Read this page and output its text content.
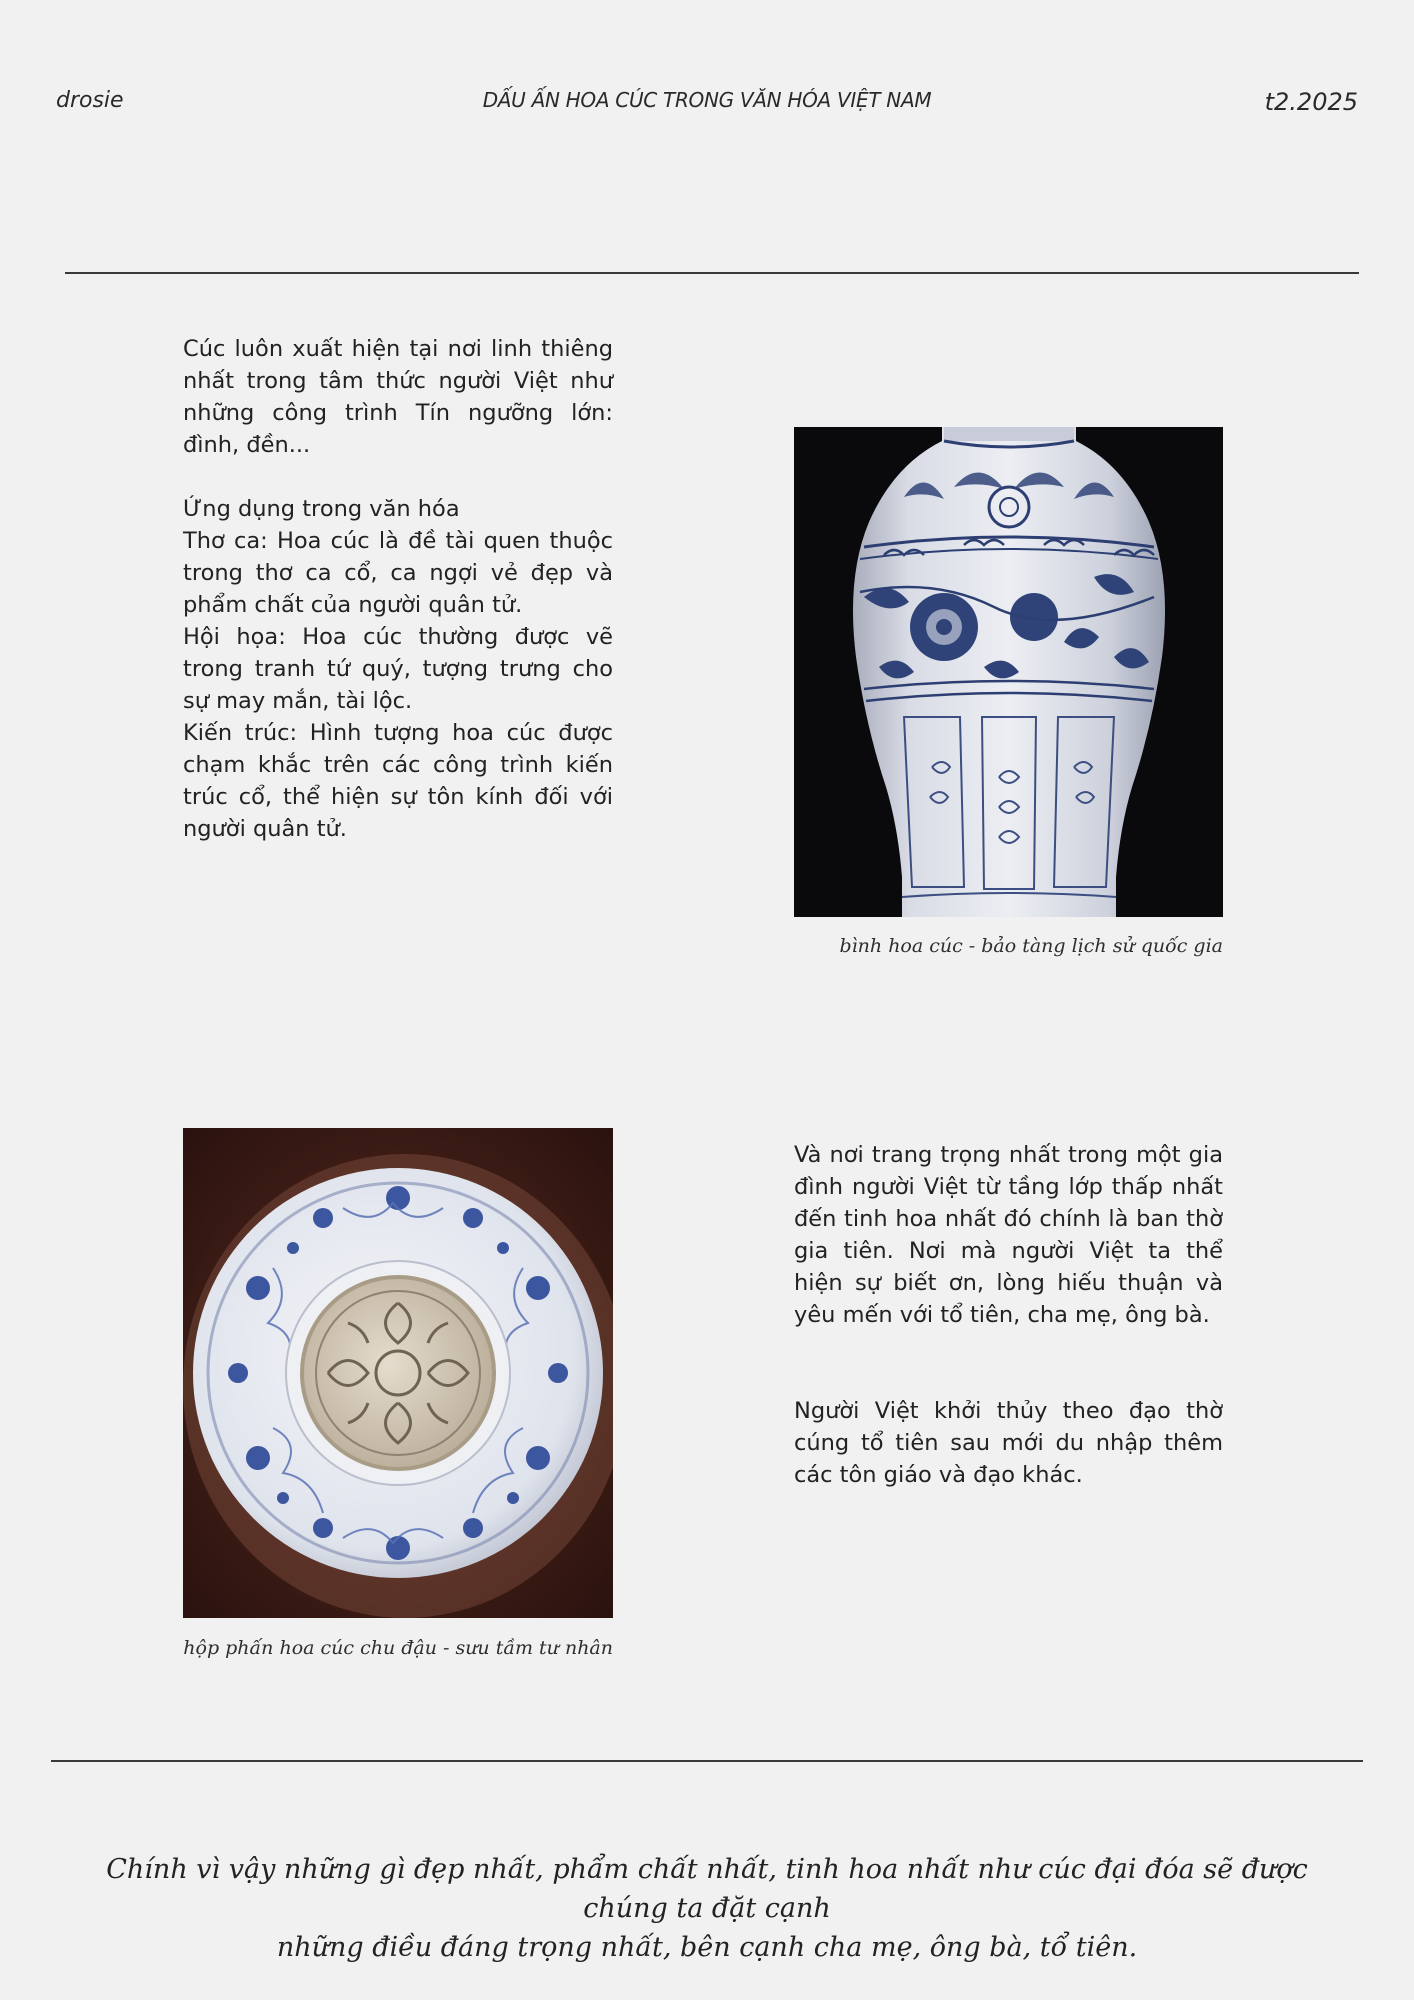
drosie	DẤU ẤN HOA CÚC TRONG VĂN HÓA VIỆT NAM	t2.2025

Cúc luôn xuất hiện tại nơi linh thiêng nhất trong tâm thức người Việt như những công trình Tín ngưỡng lớn: đình, đền...

Ứng dụng trong văn hóa

Thơ ca: Hoa cúc là đề tài quen thuộc trong thơ ca cổ, ca ngợi vẻ đẹp và phẩm chất của người quân tử.

Hội họa: Hoa cúc thường được vẽ trong tranh tứ quý, tượng trưng cho sự may mắn, tài lộc.

Kiến trúc: Hình tượng hoa cúc được chạm khắc trên các công trình kiến trúc cổ, thể hiện sự tôn kính đối với người quân tử.

bình hoa cúc - bảo tàng lịch sử quốc gia
hộp phấn hoa cúc chu đậu - sưu tầm tư nhân

Và nơi trang trọng nhất trong một gia đình người Việt từ tầng lớp thấp nhất đến tinh hoa nhất đó chính là ban thờ gia tiên. Nơi mà người Việt ta thể hiện sự biết ơn, lòng hiếu thuận và yêu mến với tổ tiên, cha mẹ, ông bà.

Người Việt khởi thủy theo đạo thờ cúng tổ tiên sau mới du nhập thêm các tôn giáo và đạo khác.

Chính vì vậy những gì đẹp nhất, phẩm chất nhất, tinh hoa nhất như cúc đại đóa sẽ được chúng ta đặt cạnh
những điều đáng trọng nhất, bên cạnh cha mẹ, ông bà, tổ tiên.
